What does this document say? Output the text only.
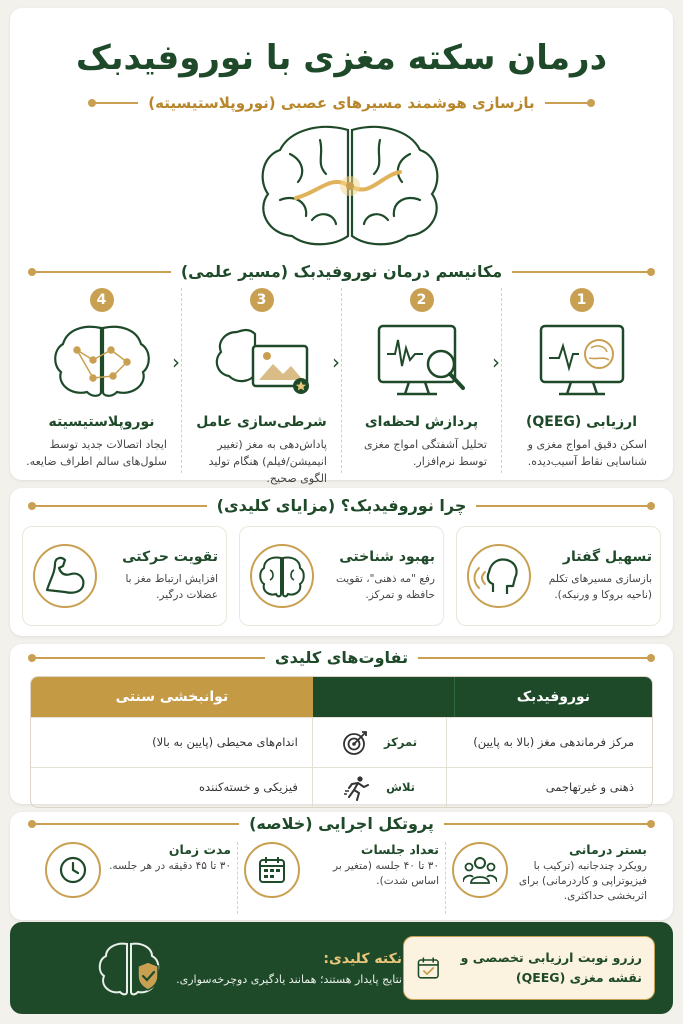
درمان سکته مغزی با نوروفیدبک
بازسازی هوشمند مسیرهای عصبی (نوروپلاستیسیته)
مکانیسم درمان نوروفیدبک (مسیر علمی)
1
ارزیابی (QEEG)
اسکن دقیق امواج مغزی و شناسایی نقاط آسیب‌دیده.
‹
2
پردازش لحظه‌ای
تحلیل آشفتگی امواج مغزی توسط نرم‌افزار.
‹
3
شرطی‌سازی عامل
پاداش‌دهی به مغز (تغییر انیمیشن/فیلم) هنگام تولید الگوی صحیح.
‹
4
نوروپلاستیسیته
ایجاد اتصالات جدید توسط سلول‌های سالم اطراف ضایعه.
چرا نوروفیدبک؟ (مزایای کلیدی)
تسهیل گفتار
بازسازی مسیرهای تکلم (ناحیه بروکا و ورنیکه).
بهبود شناختی
رفع "مه ذهنی"، تقویت حافظه و تمرکز.
تقویت حرکتی
افزایش ارتباط مغز با عضلات درگیر.
تفاوت‌های کلیدی
نوروفیدبک
توانبخشی سنتی
مرکز فرماندهی مغز (بالا به پایین)
تمرکز
اندام‌های محیطی (پایین به بالا)
ذهنی و غیرتهاجمی
تلاش
فیزیکی و خسته‌کننده
پروتکل اجرایی (خلاصه)
بستر درمانی
رویکرد چندجانبه (ترکیب با فیزیوتراپی و کاردرمانی) برای اثربخشی حداکثری.
تعداد جلسات
۳۰ تا ۴۰ جلسه (متغیر بر اساس شدت).
مدت زمان
۳۰ تا ۴۵ دقیقه در هر جلسه.
رزرو نوبت ارزیابی تخصصی و نقشه مغزی (QEEG)
نکته کلیدی:
نتایج پایدار هستند؛ همانند یادگیری دوچرخه‌سواری.
